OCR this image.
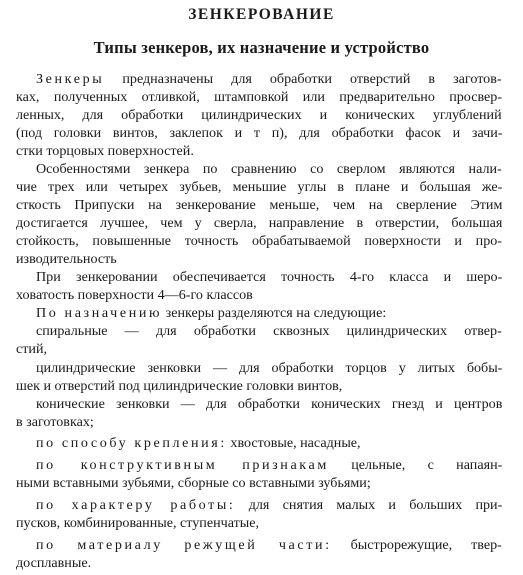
ЗЕНКЕРОВАНИЕ
Типы зенкеров, их назначение и устройство
Зенкеры предназначены для обработки отверстий в заготов-
ках, полученных отливкой, штамповкой или предварительно просвер-
ленных, для обработки цилиндрических и конических углублений
(под головки винтов, заклепок и т п), для обработки фасок и зачи-
стки торцовых поверхностей.
Особенностями зенкера по сравнению со сверлом являются нали-
чие трех или четырех зубьев, меньшие углы в плане и большая же-
сткость Припуски на зенкерование меньше, чем на сверление Этим
достигается лучшее, чем у сверла, направление в отверстии, большая
стойкость, повышенные точность обрабатываемой поверхности и про-
изводительность
При зенкеровании обеспечивается точность 4-го класса и шеро-
ховатость поверхности 4—6-го классов
По назначению зенкеры разделяются на следующие:
спиральные — для обработки сквозных цилиндрических отвер-
стий,
цилиндрические зенковки — для обработки торцов у литых бобы-
шек и отверстий под цилиндрические головки винтов,
конические зенковки — для обработки конических гнезд и центров
в заготовках;
по способу крепления: хвостовые, насадные,
по конструктивным признакам цельные, с напаян-
ными вставными зубьями, сборные со вставными зубьями;
по характеру работы: для снятия малых и больших при-
пусков, комбинированные, ступенчатые,
по материалу режущей части: быстрорежущие, твер-
досплавные.
